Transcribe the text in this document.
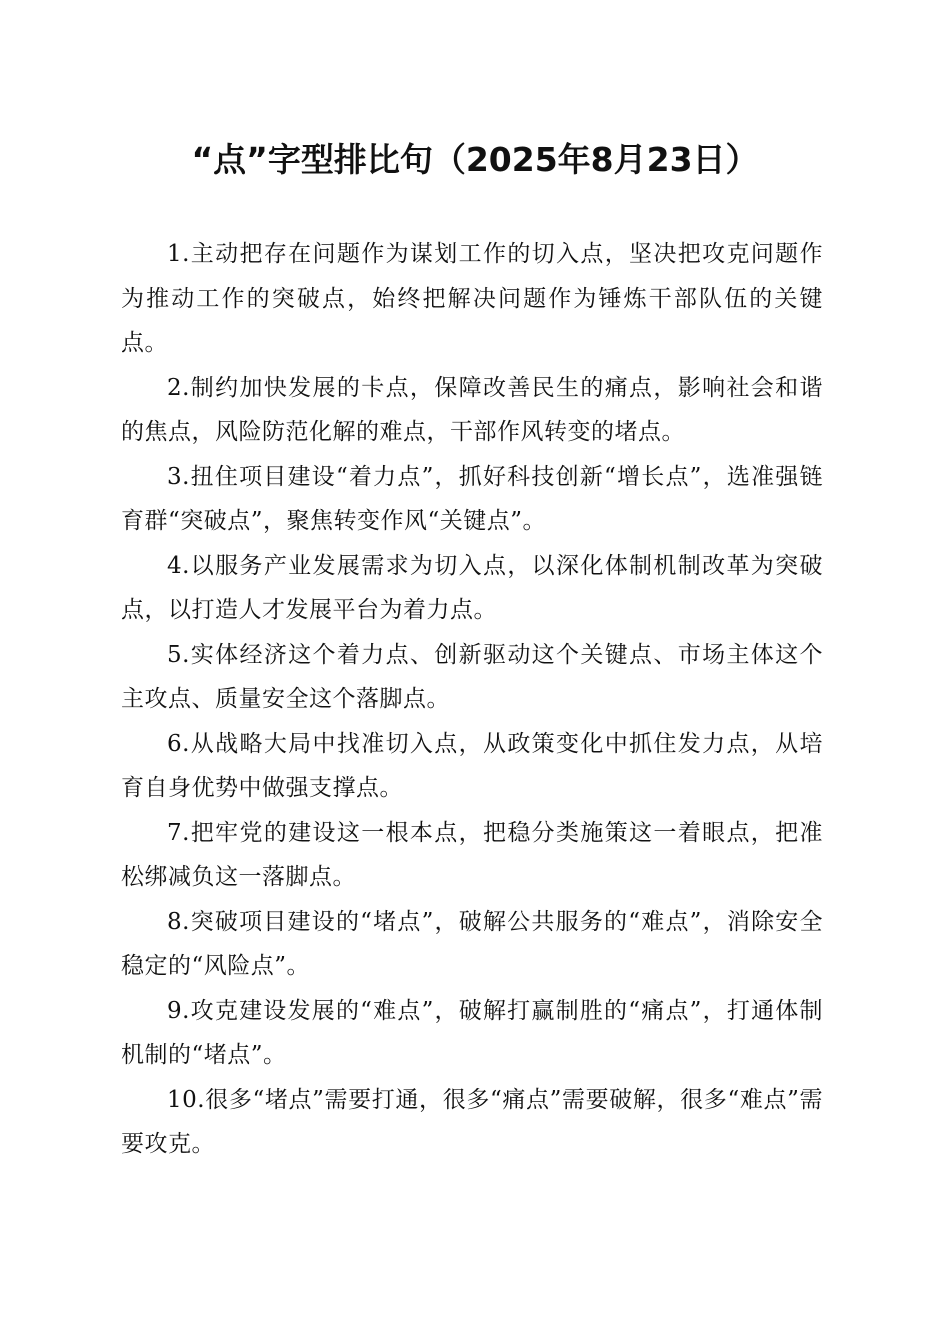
“点”字型排比句（2025年8月23日）

1.主动把存在问题作为谋划工作的切入点，坚决把攻克问题作为推动工作的突破点，始终把解决问题作为锤炼干部队伍的关键点。

2.制约加快发展的卡点，保障改善民生的痛点，影响社会和谐的焦点，风险防范化解的难点，干部作风转变的堵点。

3.扭住项目建设“着力点”，抓好科技创新“增长点”，选准强链育群“突破点”，聚焦转变作风“关键点”。

4.以服务产业发展需求为切入点，以深化体制机制改革为突破点，以打造人才发展平台为着力点。

5.实体经济这个着力点、创新驱动这个关键点、市场主体这个主攻点、质量安全这个落脚点。

6.从战略大局中找准切入点，从政策变化中抓住发力点，从培育自身优势中做强支撑点。

7.把牢党的建设这一根本点，把稳分类施策这一着眼点，把准松绑减负这一落脚点。

8.突破项目建设的“堵点”，破解公共服务的“难点”，消除安全稳定的“风险点”。

9.攻克建设发展的“难点”，破解打赢制胜的“痛点”，打通体制机制的“堵点”。

10.很多“堵点”需要打通，很多“痛点”需要破解，很多“难点”需要攻克。
